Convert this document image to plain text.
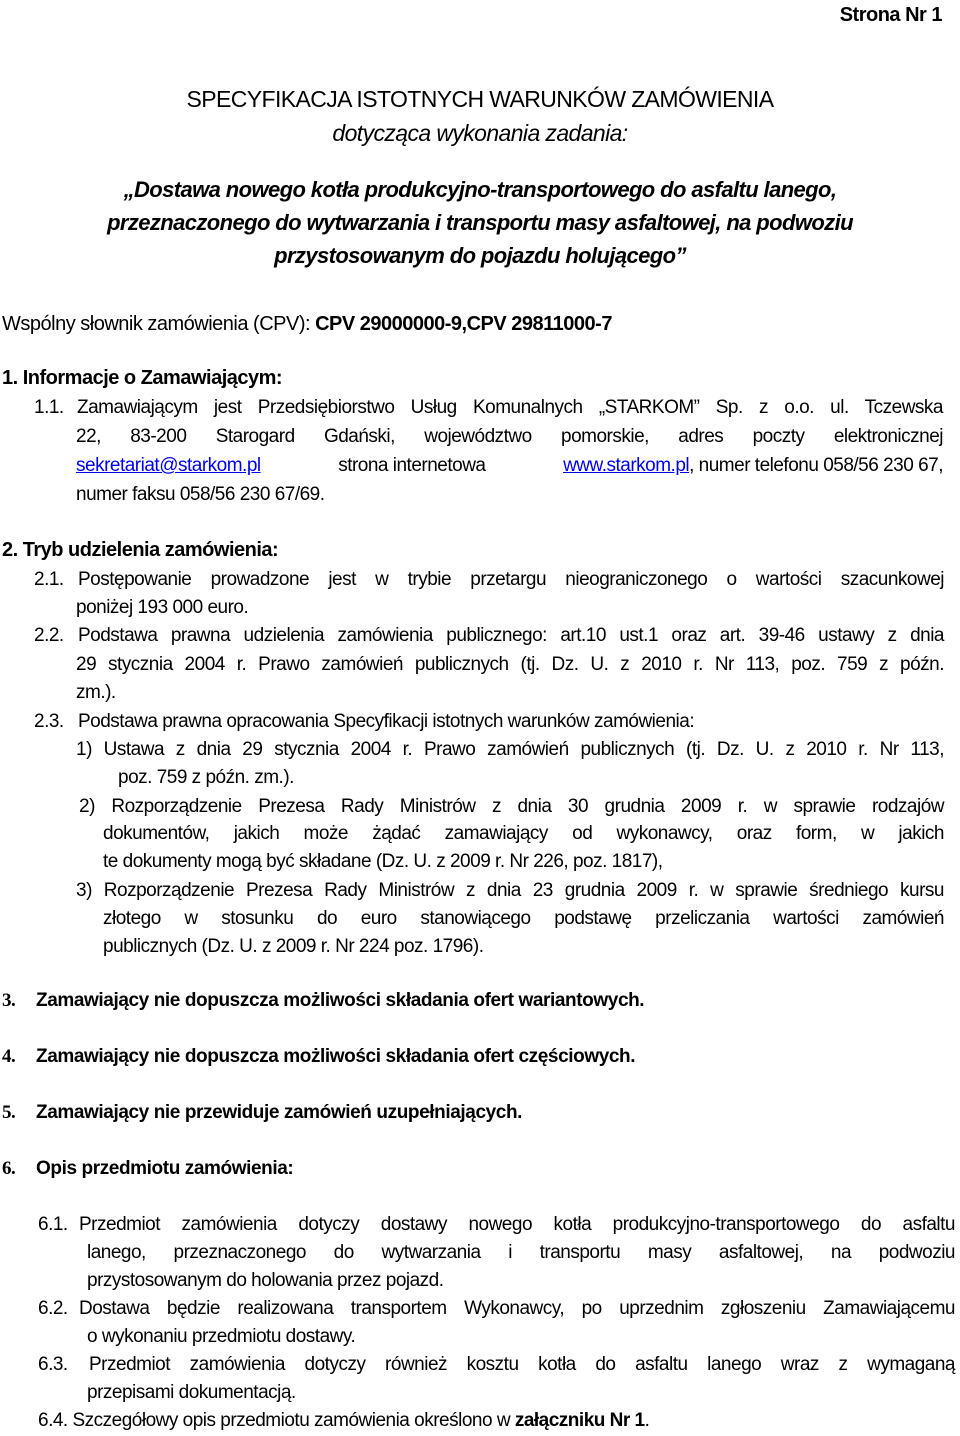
Strona Nr 1
SPECYFIKACJA ISTOTNYCH WARUNKÓW ZAMÓWIENIA
dotycząca wykonania zadania:
„Dostawa nowego kotła produkcyjno-transportowego do asfaltu lanego,
przeznaczonego do wytwarzania i transportu masy asfaltowej, na podwoziu
przystosowanym do pojazdu holującego”
Wspólny słownik zamówienia (CPV): CPV 29000000-9,CPV 29811000-7
1. Informacje o Zamawiającym:
1.1. Zamawiającym jest Przedsiębiorstwo Usług Komunalnych „STARKOM” Sp. z o.o. ul. Tczewska
22, 83-200 Starogard Gdański, województwo pomorskie, adres poczty elektronicznej
sekretariat@starkom.pl	strona internetowa	www.starkom.pl, numer telefonu 058/56 230 67,
numer faksu 058/56 230 67/69.
2. Tryb udzielenia zamówienia:
2.1. Postępowanie prowadzone jest w trybie przetargu nieograniczonego o wartości szacunkowej
poniżej 193 000 euro.
2.2. Podstawa prawna udzielenia zamówienia publicznego: art.10 ust.1 oraz art. 39-46 ustawy z dnia
29 stycznia 2004 r. Prawo zamówień publicznych (tj. Dz. U. z 2010 r. Nr 113, poz. 759 z późn.
zm.).
2.3. Podstawa prawna opracowania Specyfikacji istotnych warunków zamówienia:
1) Ustawa z dnia 29 stycznia 2004 r. Prawo zamówień publicznych (tj. Dz. U. z 2010 r. Nr 113,
poz. 759 z późn. zm.).
2) Rozporządzenie Prezesa Rady Ministrów z dnia 30 grudnia 2009 r. w sprawie rodzajów
dokumentów, jakich może żądać zamawiający od wykonawcy, oraz form, w jakich
te dokumenty mogą być składane (Dz. U. z 2009 r. Nr 226, poz. 1817),
3) Rozporządzenie Prezesa Rady Ministrów z dnia 23 grudnia 2009 r. w sprawie średniego kursu
złotego w stosunku do euro stanowiącego podstawę przeliczania wartości zamówień
publicznych (Dz. U. z 2009 r. Nr 224 poz. 1796).
3. Zamawiający nie dopuszcza możliwości składania ofert wariantowych.
4. Zamawiający nie dopuszcza możliwości składania ofert częściowych.
5. Zamawiający nie przewiduje zamówień uzupełniających.
6. Opis przedmiotu zamówienia:
6.1. Przedmiot zamówienia dotyczy dostawy nowego kotła produkcyjno-transportowego do asfaltu
lanego, przeznaczonego do wytwarzania i transportu masy asfaltowej, na podwoziu
przystosowanym do holowania przez pojazd.
6.2. Dostawa będzie realizowana transportem Wykonawcy, po uprzednim zgłoszeniu Zamawiającemu
o wykonaniu przedmiotu dostawy.
6.3. Przedmiot zamówienia dotyczy również kosztu kotła do asfaltu lanego wraz z wymaganą
przepisami dokumentacją.
6.4. Szczegółowy opis przedmiotu zamówienia określono w załączniku Nr 1.
